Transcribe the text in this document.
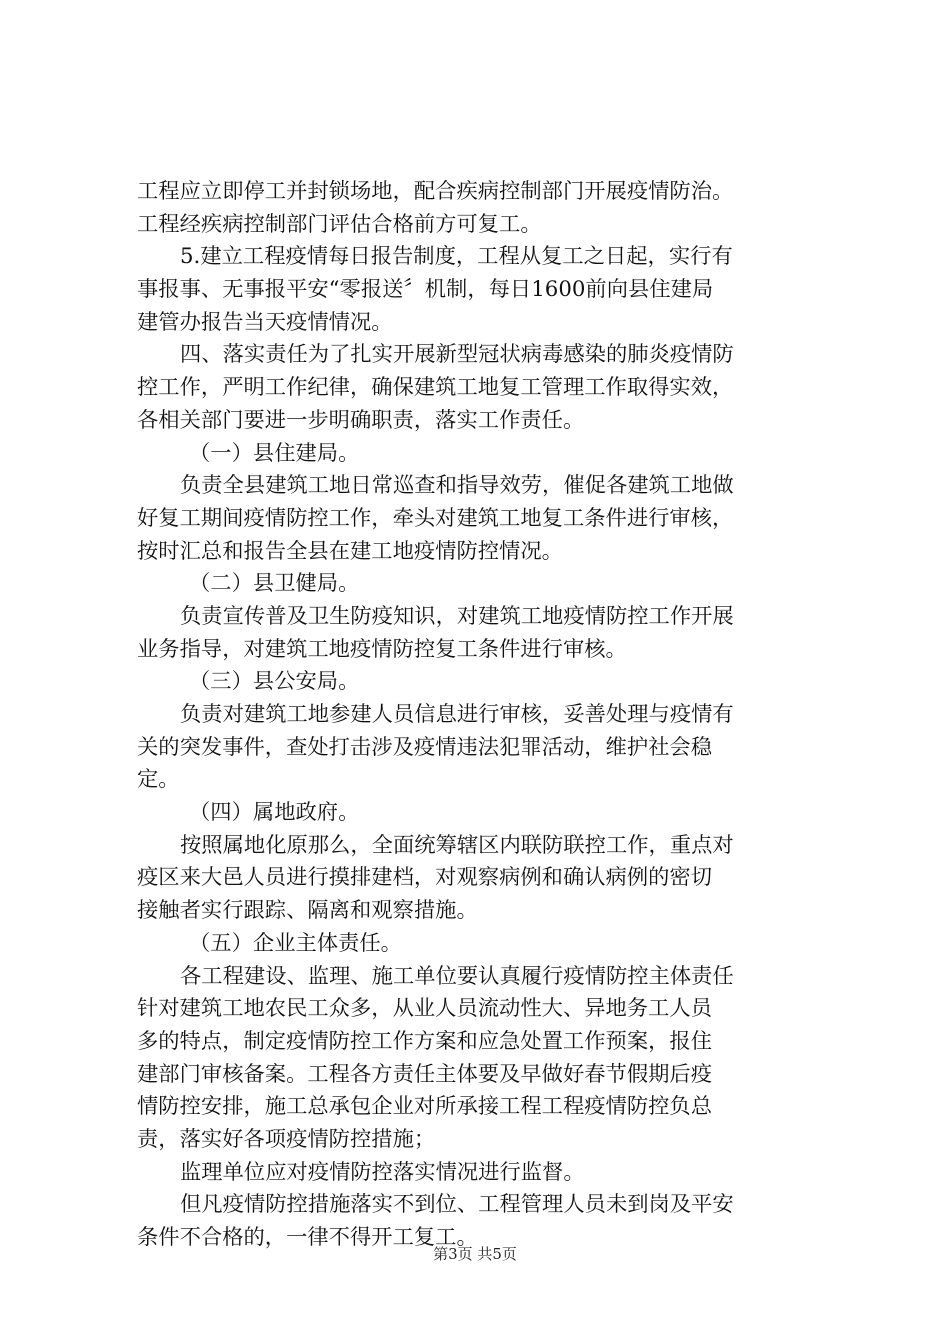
工程应立即停工并封锁场地，配合疾病控制部门开展疫情防治。
工程经疾病控制部门评估合格前方可复工。
5.建立工程疫情每日报告制度，工程从复工之日起，实行有
事报事、无事报平安“零报送〞机制，每日1600前向县住建局
建管办报告当天疫情情况。
四、落实责任为了扎实开展新型冠状病毒感染的肺炎疫情防
控工作，严明工作纪律，确保建筑工地复工管理工作取得实效，
各相关部门要进一步明确职责，落实工作责任。
（一）县住建局。
负责全县建筑工地日常巡查和指导效劳，催促各建筑工地做
好复工期间疫情防控工作，牵头对建筑工地复工条件进行审核，
按时汇总和报告全县在建工地疫情防控情况。
（二）县卫健局。
负责宣传普及卫生防疫知识，对建筑工地疫情防控工作开展
业务指导，对建筑工地疫情防控复工条件进行审核。
（三）县公安局。
负责对建筑工地参建人员信息进行审核，妥善处理与疫情有
关的突发事件，查处打击涉及疫情违法犯罪活动，维护社会稳
定。
（四）属地政府。
按照属地化原那么，全面统筹辖区内联防联控工作，重点对
疫区来大邑人员进行摸排建档，对观察病例和确认病例的密切
接触者实行跟踪、隔离和观察措施。
（五）企业主体责任。
各工程建设、监理、施工单位要认真履行疫情防控主体责任
针对建筑工地农民工众多，从业人员流动性大、异地务工人员
多的特点，制定疫情防控工作方案和应急处置工作预案，报住
建部门审核备案。工程各方责任主体要及早做好春节假期后疫
情防控安排，施工总承包企业对所承接工程工程疫情防控负总
责，落实好各项疫情防控措施；
监理单位应对疫情防控落实情况进行监督。
但凡疫情防控措施落实不到位、工程管理人员未到岗及平安
条件不合格的，一律不得开工复工。
第3页 共5页
